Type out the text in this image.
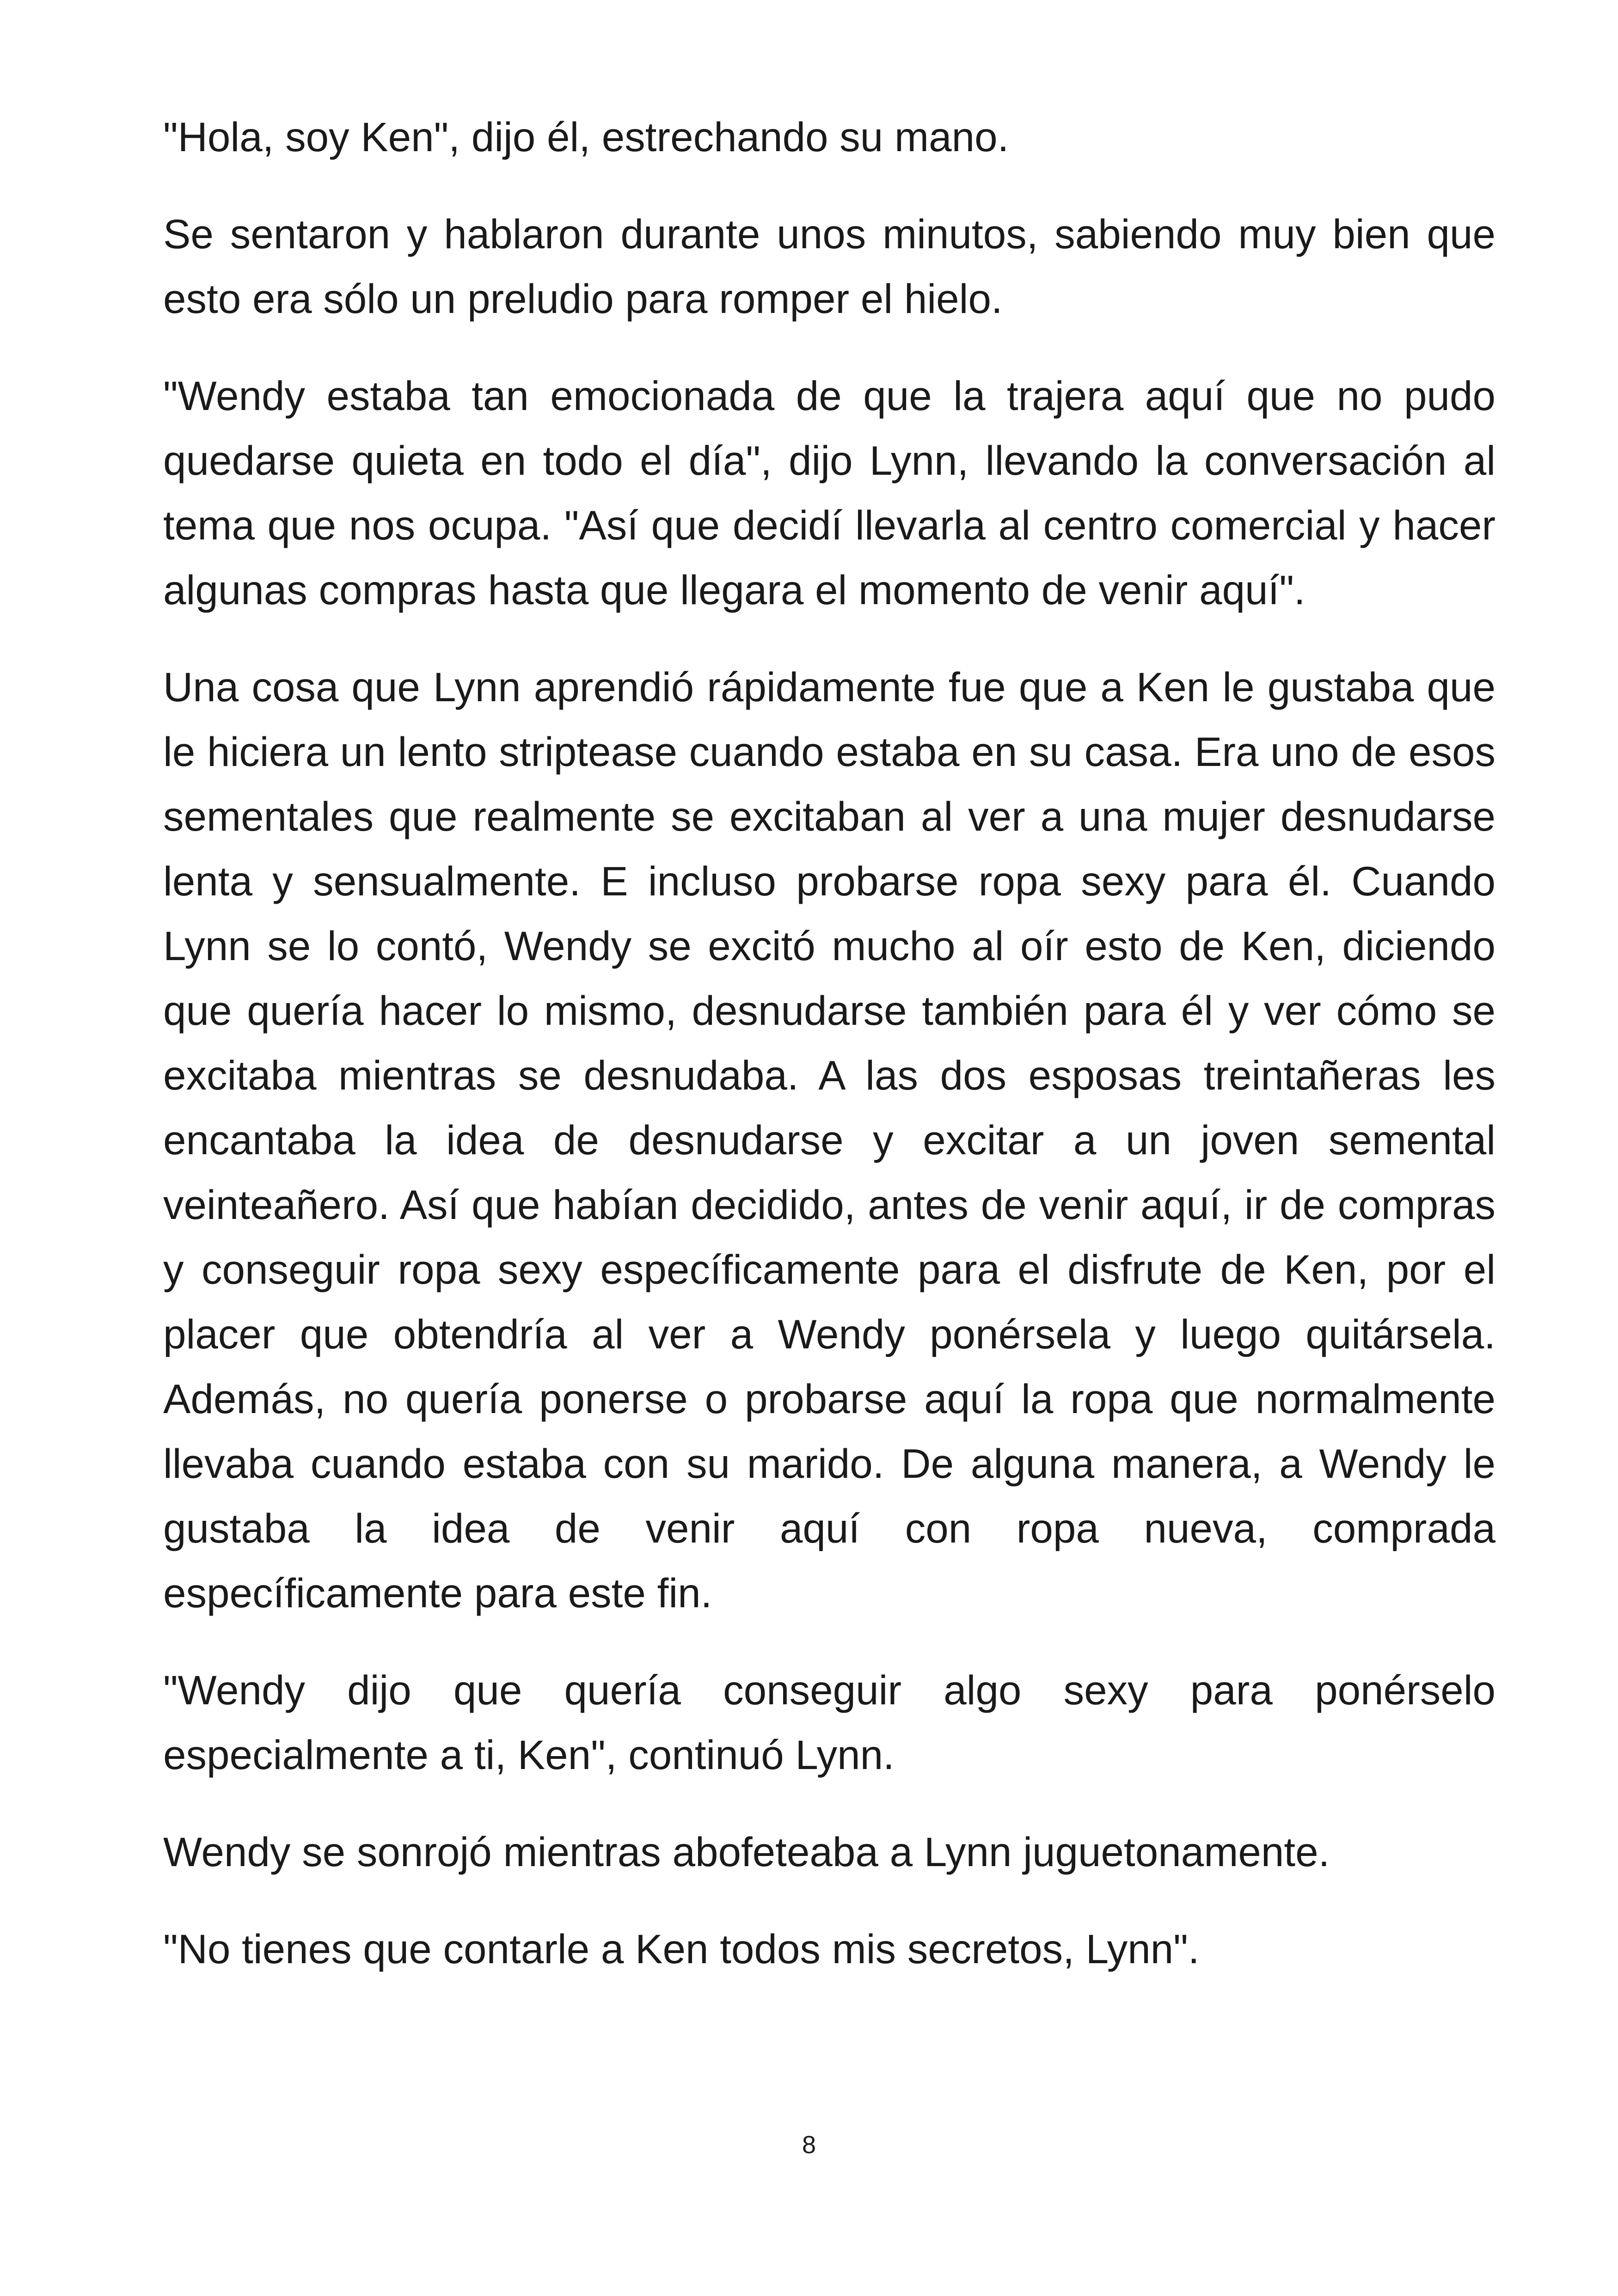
"Hola, soy Ken", dijo él, estrechando su mano.

Se sentaron y hablaron durante unos minutos, sabiendo muy bien que esto era sólo un preludio para romper el hielo.

"Wendy estaba tan emocionada de que la trajera aquí que no pudo quedarse quieta en todo el día", dijo Lynn, llevando la conversación al tema que nos ocupa. "Así que decidí llevarla al centro comercial y hacer algunas compras hasta que llegara el momento de venir aquí".

Una cosa que Lynn aprendió rápidamente fue que a Ken le gustaba que le hiciera un lento striptease cuando estaba en su casa. Era uno de esos sementales que realmente se excitaban al ver a una mujer desnudarse lenta y sensualmente. E incluso probarse ropa sexy para él. Cuando Lynn se lo contó, Wendy se excitó mucho al oír esto de Ken, diciendo que quería hacer lo mismo, desnudarse también para él y ver cómo se excitaba mientras se desnudaba. A las dos esposas treintañeras les encantaba la idea de desnudarse y excitar a un joven semental veinteañero. Así que habían decidido, antes de venir aquí, ir de compras y conseguir ropa sexy específicamente para el disfrute de Ken, por el placer que obtendría al ver a Wendy ponérsela y luego quitársela. Además, no quería ponerse o probarse aquí la ropa que normalmente llevaba cuando estaba con su marido. De alguna manera, a Wendy le gustaba la idea de venir aquí con ropa nueva, comprada específicamente para este fin.

"Wendy dijo que quería conseguir algo sexy para ponérselo especialmente a ti, Ken", continuó Lynn.

Wendy se sonrojó mientras abofeteaba a Lynn juguetonamente.

"No tienes que contarle a Ken todos mis secretos, Lynn".

8
